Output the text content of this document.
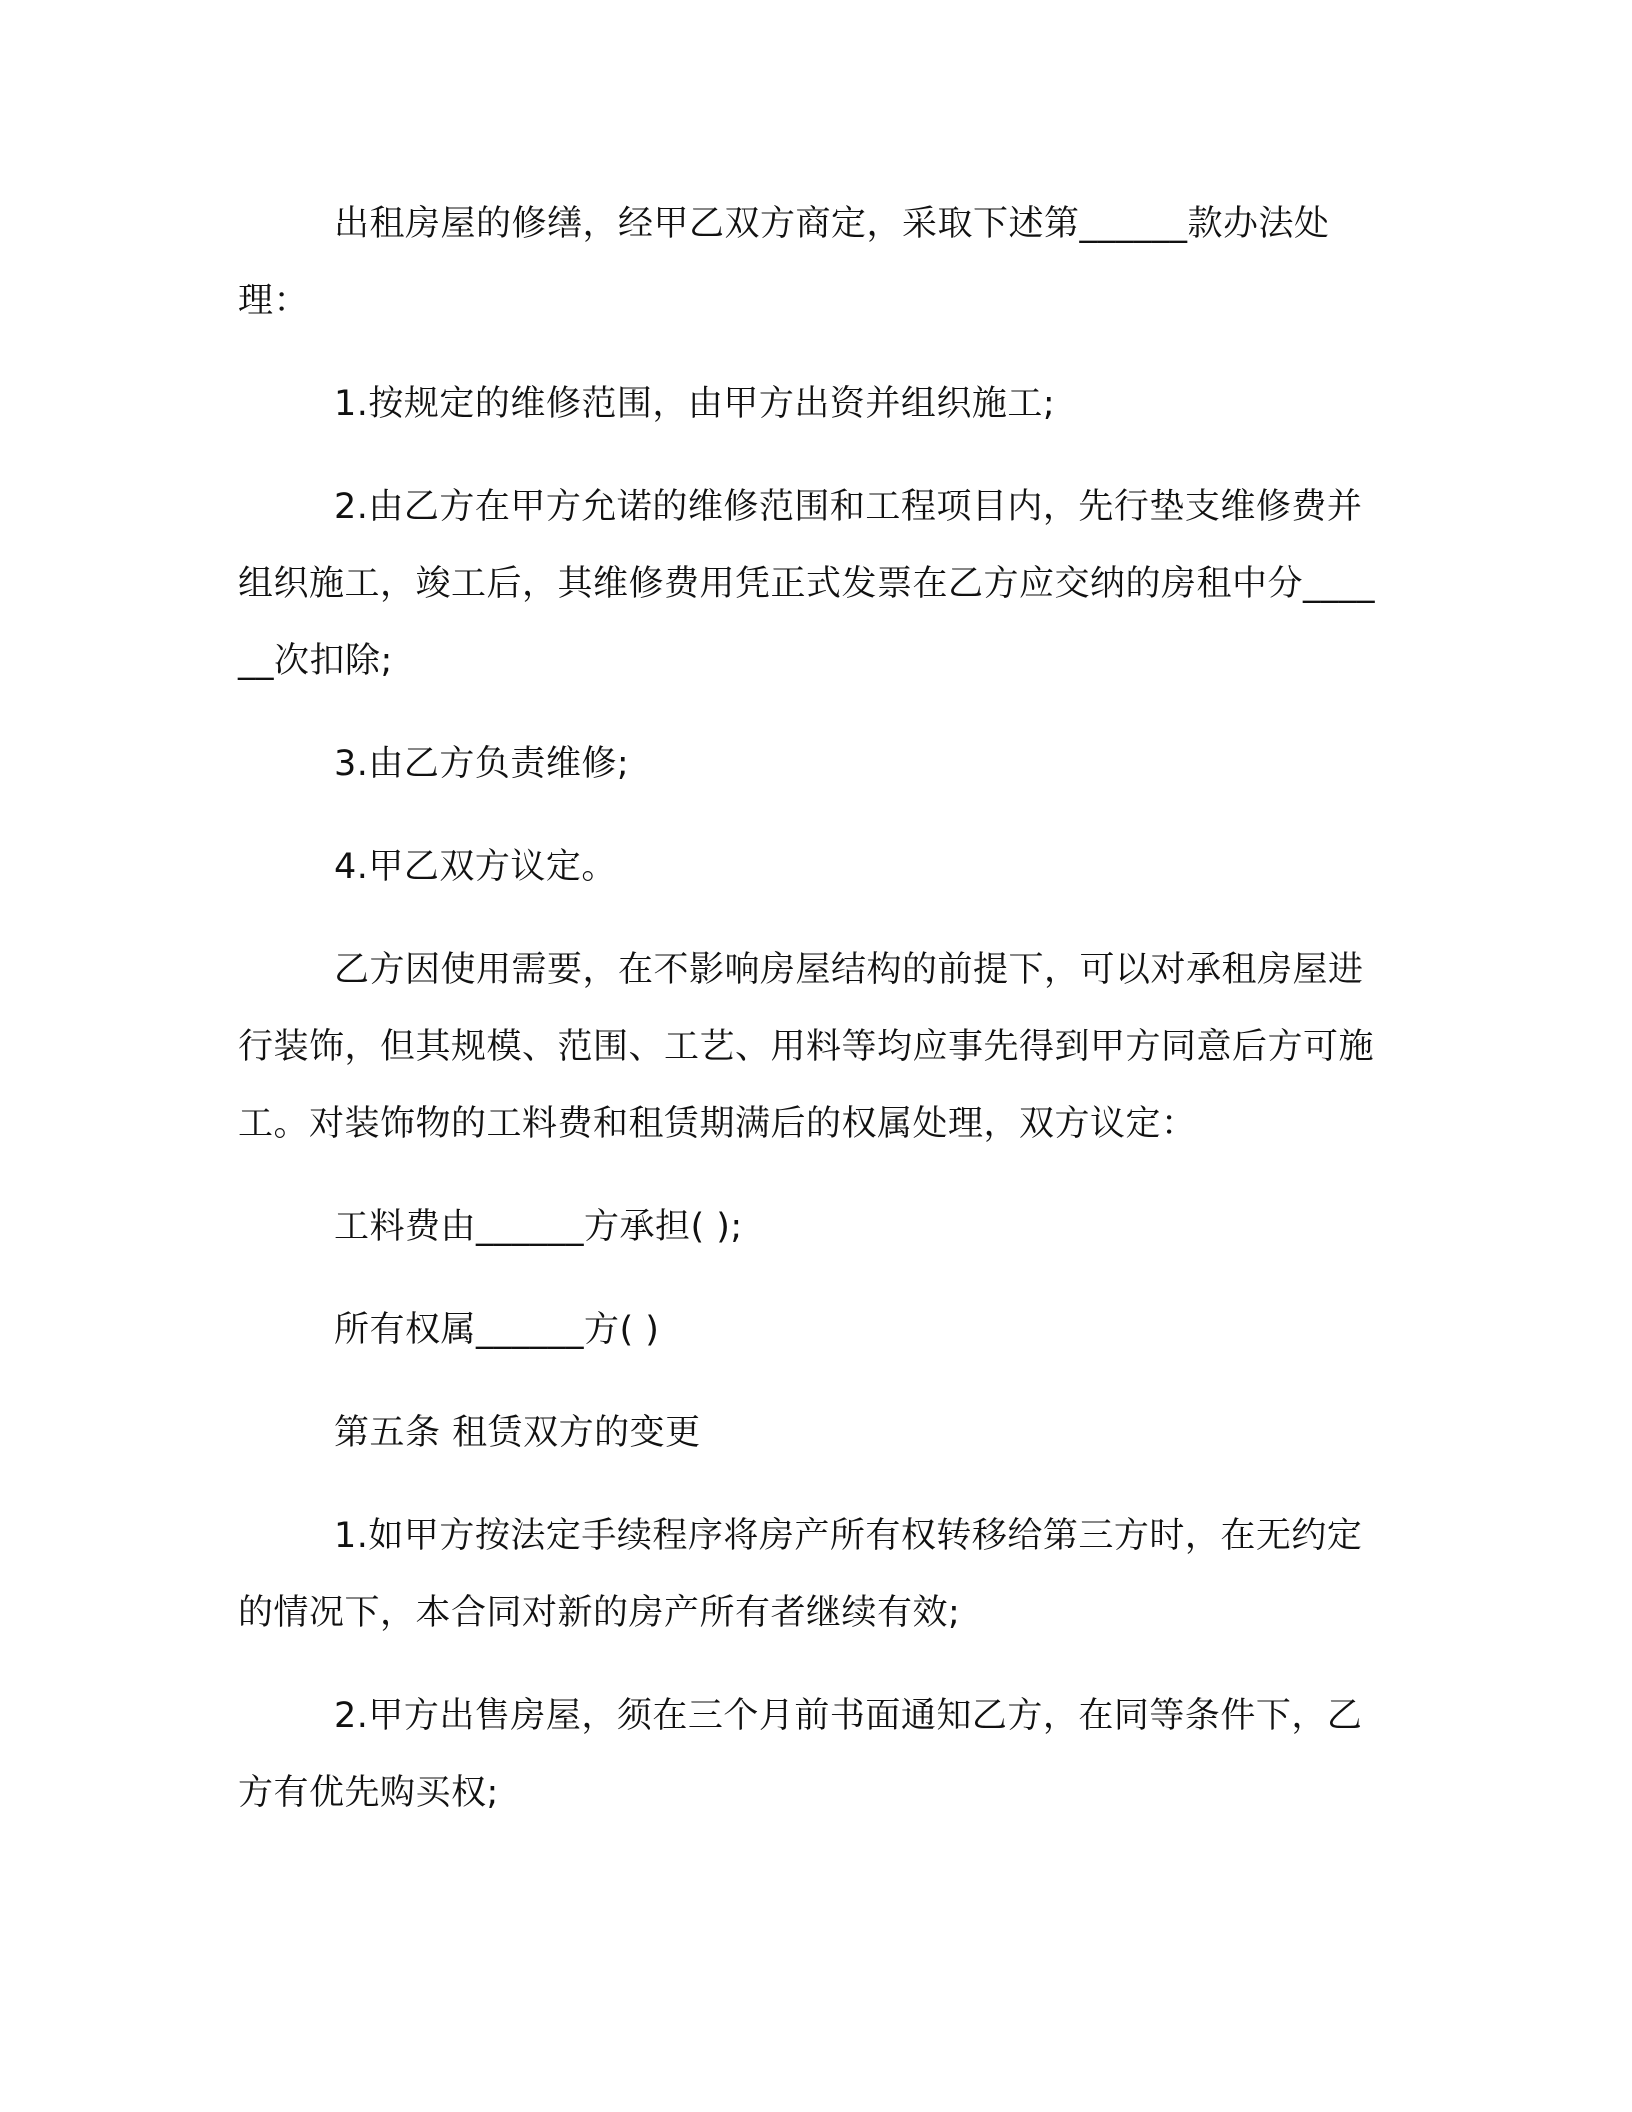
出租房屋的修缮，经甲乙双方商定，采取下述第______款办法处理：

1.按规定的维修范围，由甲方出资并组织施工;

2.由乙方在甲方允诺的维修范围和工程项目内，先行垫支维修费并组织施工，竣工后，其维修费用凭正式发票在乙方应交纳的房租中分______次扣除;

3.由乙方负责维修;

4.甲乙双方议定。

乙方因使用需要，在不影响房屋结构的前提下，可以对承租房屋进行装饰，但其规模、范围、工艺、用料等均应事先得到甲方同意后方可施工。对装饰物的工料费和租赁期满后的权属处理，双方议定：

工料费由______方承担( );

所有权属______方( )

第五条 租赁双方的变更

1.如甲方按法定手续程序将房产所有权转移给第三方时，在无约定的情况下，本合同对新的房产所有者继续有效;

2.甲方出售房屋，须在三个月前书面通知乙方，在同等条件下，乙方有优先购买权;
